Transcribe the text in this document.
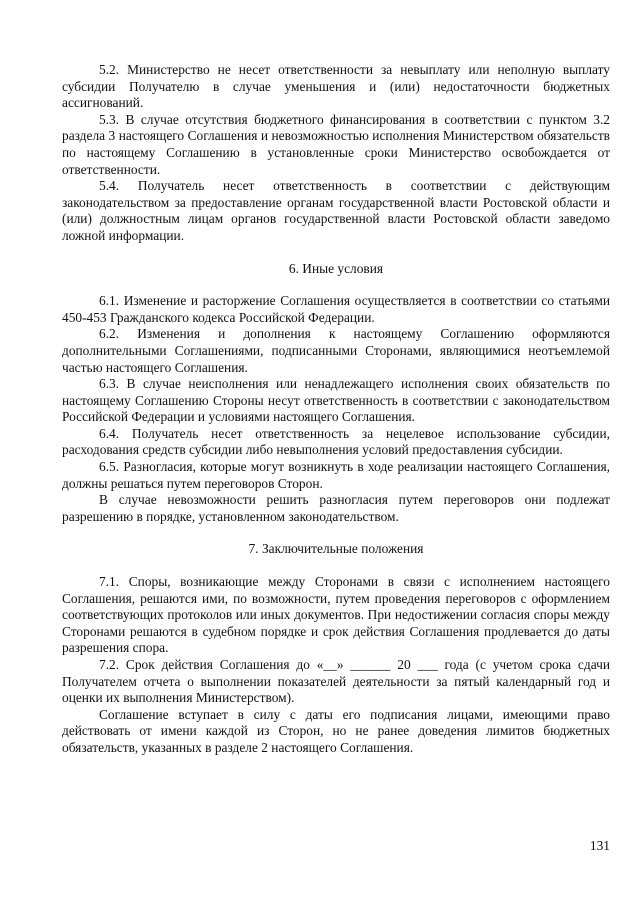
5.2. Министерство не несет ответственности за невыплату или неполную выплату субсидии Получателю в случае уменьшения и (или) недостаточности бюджетных ассигнований.

5.3. В случае отсутствия бюджетного финансирования в соответствии с пунктом 3.2 раздела 3 настоящего Соглашения и невозможностью исполнения Министерством обязательств по настоящему Соглашению в установленные сроки Министерство освобождается от ответственности.

5.4. Получатель несет ответственность в соответствии с действующим законодательством за предоставление органам государственной власти Ростовской области и (или) должностным лицам органов государственной власти Ростовской области заведомо ложной информации.

6. Иные условия

6.1. Изменение и расторжение Соглашения осуществляется в соответствии со статьями 450-453 Гражданского кодекса Российской Федерации.

6.2. Изменения и дополнения к настоящему Соглашению оформляются дополнительными Соглашениями, подписанными Сторонами, являющимися неотъемлемой частью настоящего Соглашения.

6.3. В случае неисполнения или ненадлежащего исполнения своих обязательств по настоящему Соглашению Стороны несут ответственность в соответствии с законодательством Российской Федерации и условиями настоящего Соглашения.

6.4. Получатель несет ответственность за нецелевое использование субсидии, расходования средств субсидии либо невыполнения условий предоставления субсидии.

6.5. Разногласия, которые могут возникнуть в ходе реализации настоящего Соглашения, должны решаться путем переговоров Сторон.

В случае невозможности решить разногласия путем переговоров они подлежат разрешению в порядке, установленном законодательством.

7. Заключительные положения

7.1. Споры, возникающие между Сторонами в связи с исполнением настоящего Соглашения, решаются ими, по возможности, путем проведения переговоров с оформлением соответствующих протоколов или иных документов. При недостижении согласия споры между Сторонами решаются в судебном порядке и срок действия Соглашения продлевается до даты разрешения спора.

7.2. Срок действия Соглашения до «__» ______ 20 ___ года (с учетом срока сдачи Получателем отчета о выполнении показателей деятельности за пятый календарный год и оценки их выполнения Министерством).

Соглашение вступает в силу с даты его подписания лицами, имеющими право действовать от имени каждой из Сторон, но не ранее доведения лимитов бюджетных обязательств, указанных в разделе 2 настоящего Соглашения.

131
